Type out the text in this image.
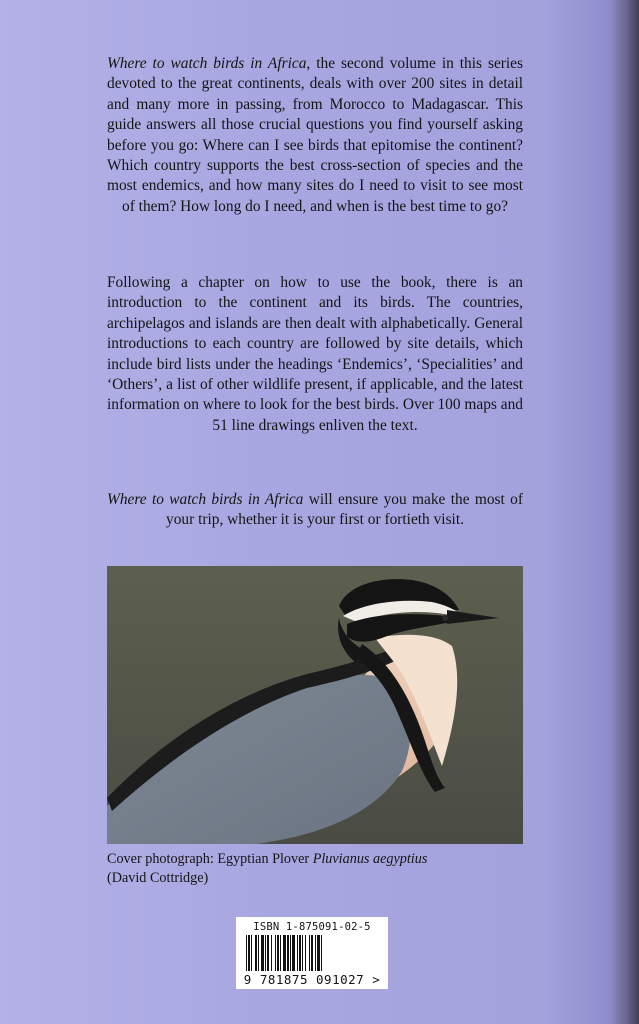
Where to watch birds in Africa, the second volume in this series devoted to the great continents, deals with over 200 sites in detail and many more in passing, from Morocco to Madagascar. This guide answers all those crucial questions you find yourself asking before you go: Where can I see birds that epitomise the continent? Which country supports the best cross-section of species and the most endemics, and how many sites do I need to visit to see most of them? How long do I need, and when is the best time to go?
Following a chapter on how to use the book, there is an introduction to the continent and its birds. The countries, archipelagos and islands are then dealt with alphabetically. General introductions to each country are followed by site details, which include bird lists under the headings ‘Endemics’, ‘Specialities’ and ‘Others’, a list of other wildlife present, if applicable, and the latest information on where to look for the best birds. Over 100 maps and 51 line drawings enliven the text.
Where to watch birds in Africa will ensure you make the most of your trip, whether it is your first or fortieth visit.
Cover photograph: Egyptian Plover Pluvianus aegyptius
(David Cottridge)
ISBN 1-875091-02-5
9 781875 091027 >
